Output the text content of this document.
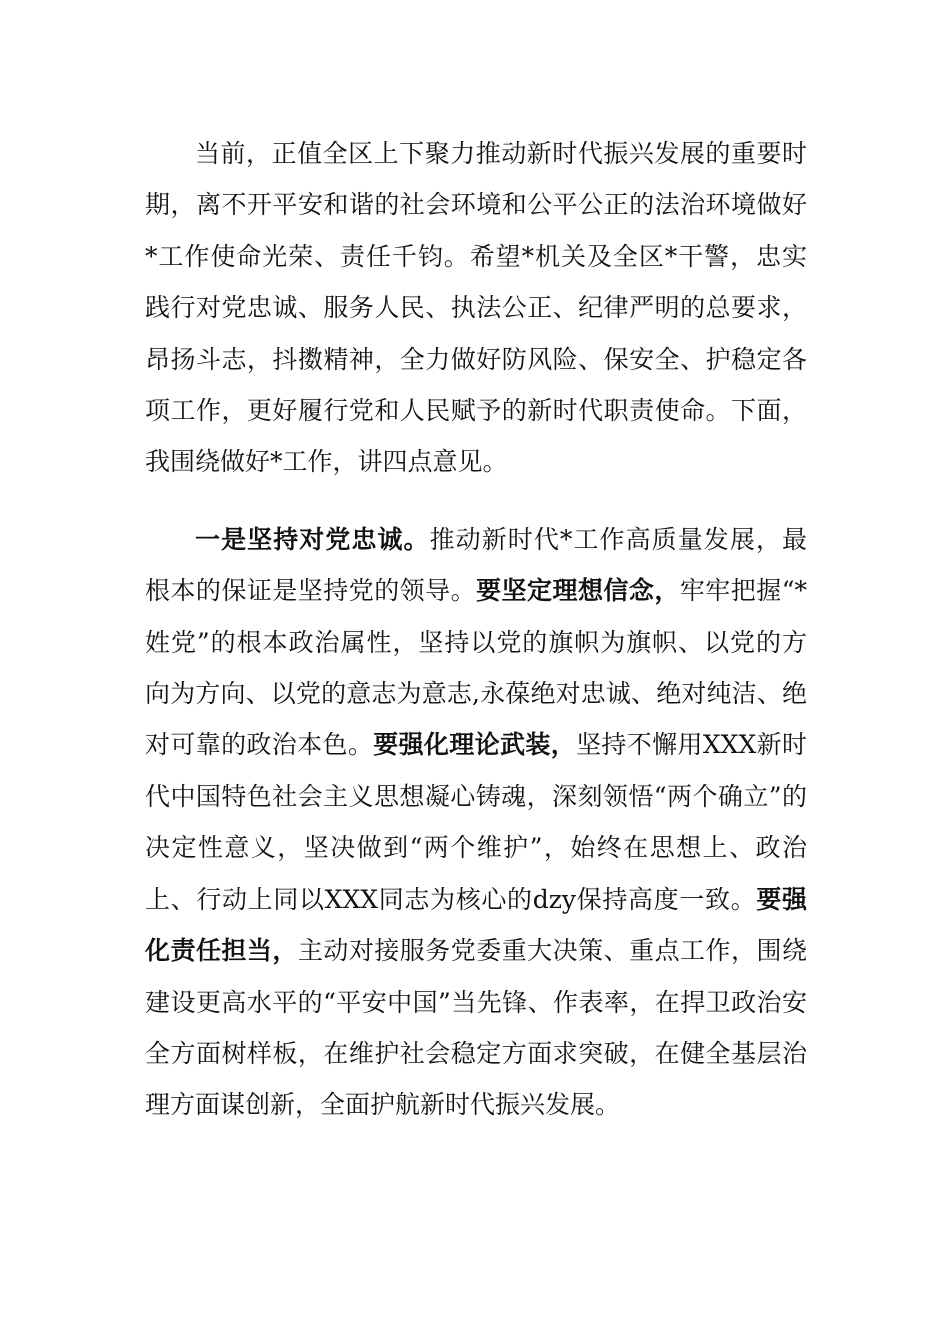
当前，正值全区上下聚力推动新时代振兴发展的重要时期，离不开平安和谐的社会环境和公平公正的法治环境做好*工作使命光荣、责任千钧。希望*机关及全区*干警，忠实践行对党忠诚、服务人民、执法公正、纪律严明的总要求，昂扬斗志，抖擞精神，全力做好防风险、保安全、护稳定各项工作，更好履行党和人民赋予的新时代职责使命。下面，我围绕做好*工作，讲四点意见。

一是坚持对党忠诚。推动新时代*工作高质量发展，最根本的保证是坚持党的领导。要坚定理想信念，牢牢把握“*姓党”的根本政治属性，坚持以党的旗帜为旗帜、以党的方向为方向、以党的意志为意志,永葆绝对忠诚、绝对纯洁、绝对可靠的政治本色。要强化理论武装，坚持不懈用XXX新时代中国特色社会主义思想凝心铸魂，深刻领悟“两个确立”的决定性意义，坚决做到“两个维护”，始终在思想上、政治上、行动上同以XXX同志为核心的dzy保持高度一致。要强化责任担当，主动对接服务党委重大决策、重点工作，围绕建设更高水平的“平安中国”当先锋、作表率，在捍卫政治安全方面树样板，在维护社会稳定方面求突破，在健全基层治理方面谋创新，全面护航新时代振兴发展。
